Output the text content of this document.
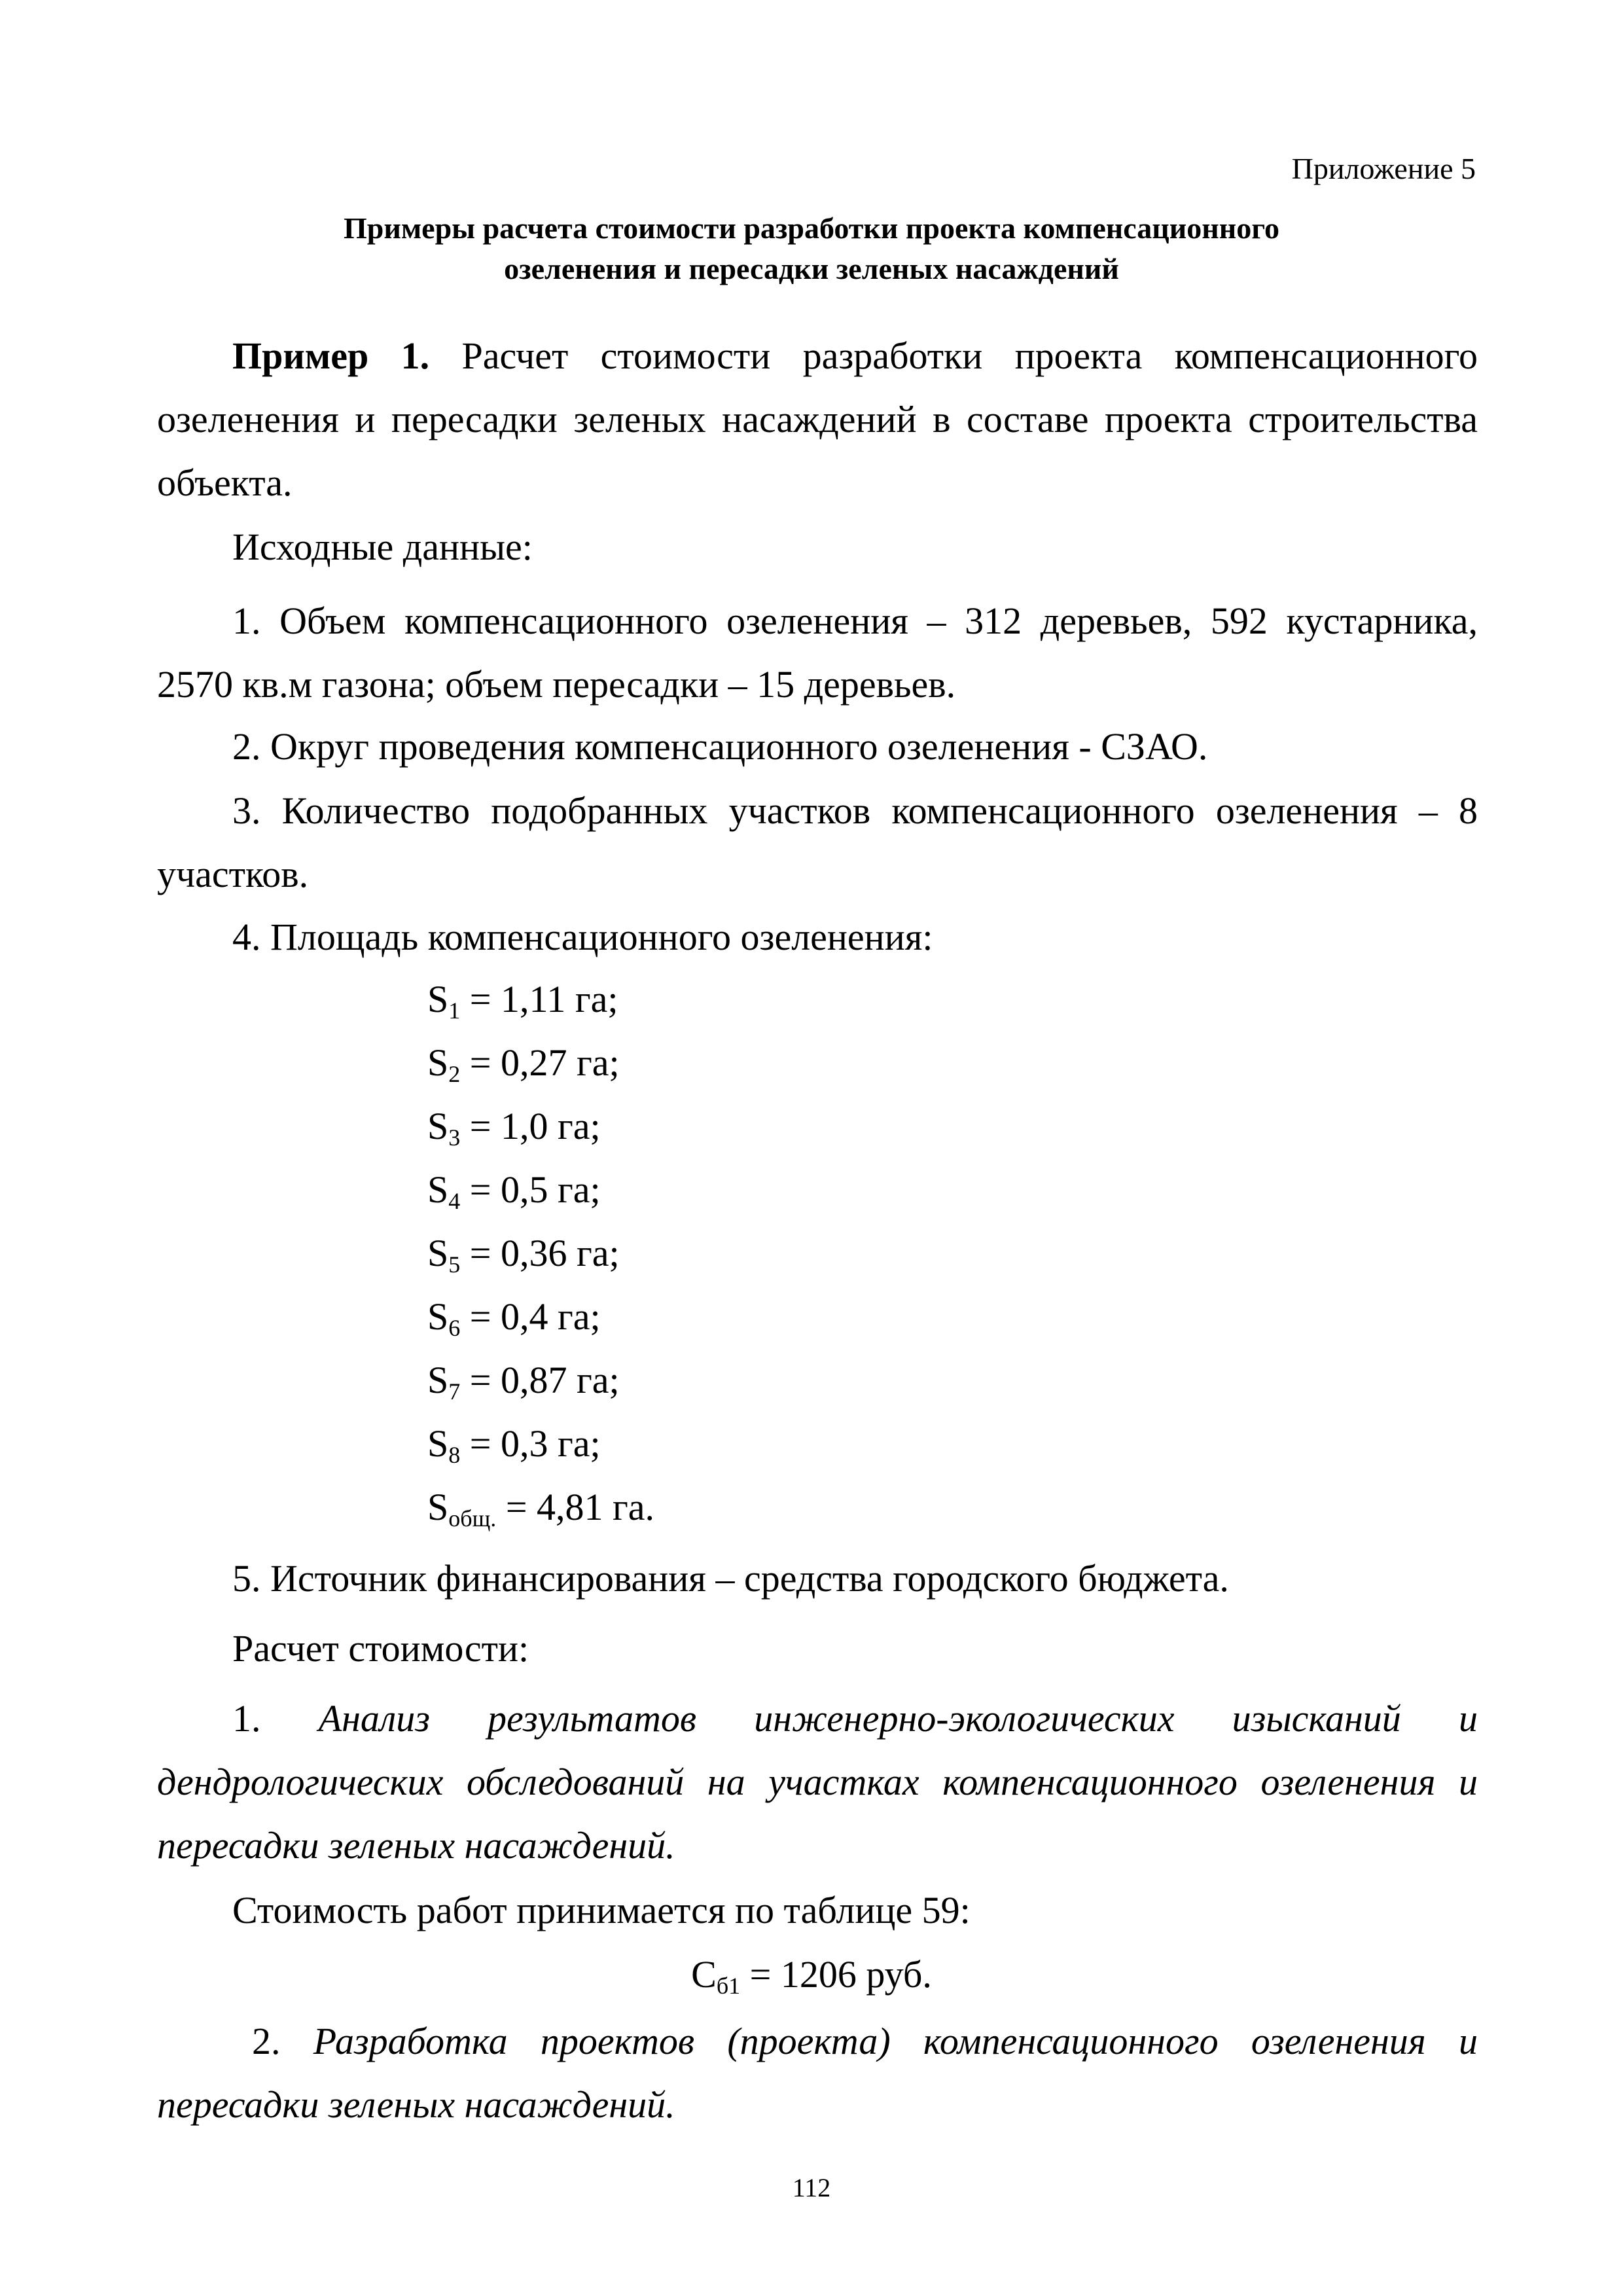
Приложение 5
Примеры расчета стоимости разработки проекта компенсационного
озеленения и пересадки зеленых насаждений

Пример 1. Расчет стоимости разработки проекта компенсационного озеленения и пересадки зеленых насаждений в составе проекта строительства объекта.

Исходные данные:

1. Объем компенсационного озеленения – 312 деревьев, 592 кустарника, 2570 кв.м газона; объем пересадки – 15 деревьев.

2. Округ проведения компенсационного озеленения - СЗАО.

3. Количество подобранных участков компенсационного озеленения – 8 участков.

4. Площадь компенсационного озеленения:

$S_1 = 1,11$ га;
$S_2 = 0,27$ га;
$S_3 = 1,0$ га;
$S_4 = 0,5$ га;
$S_5 = 0,36$ га;
$S_6 = 0,4$ га;
$S_7 = 0,87$ га;
$S_8 = 0,3$ га;
$S_{общ.} = 4,81$ га.

5. Источник финансирования – средства городского бюджета.

Расчет стоимости:

1. Анализ результатов инженерно-экологических изысканий и дендрологических обследований на участках компенсационного озеленения и пересадки зеленых насаждений.

Стоимость работ принимается по таблице 59:

$С_{б1} = 1206$ руб.

2. Разработка проектов (проекта) компенсационного озеленения и пересадки зеленых насаждений.

112
